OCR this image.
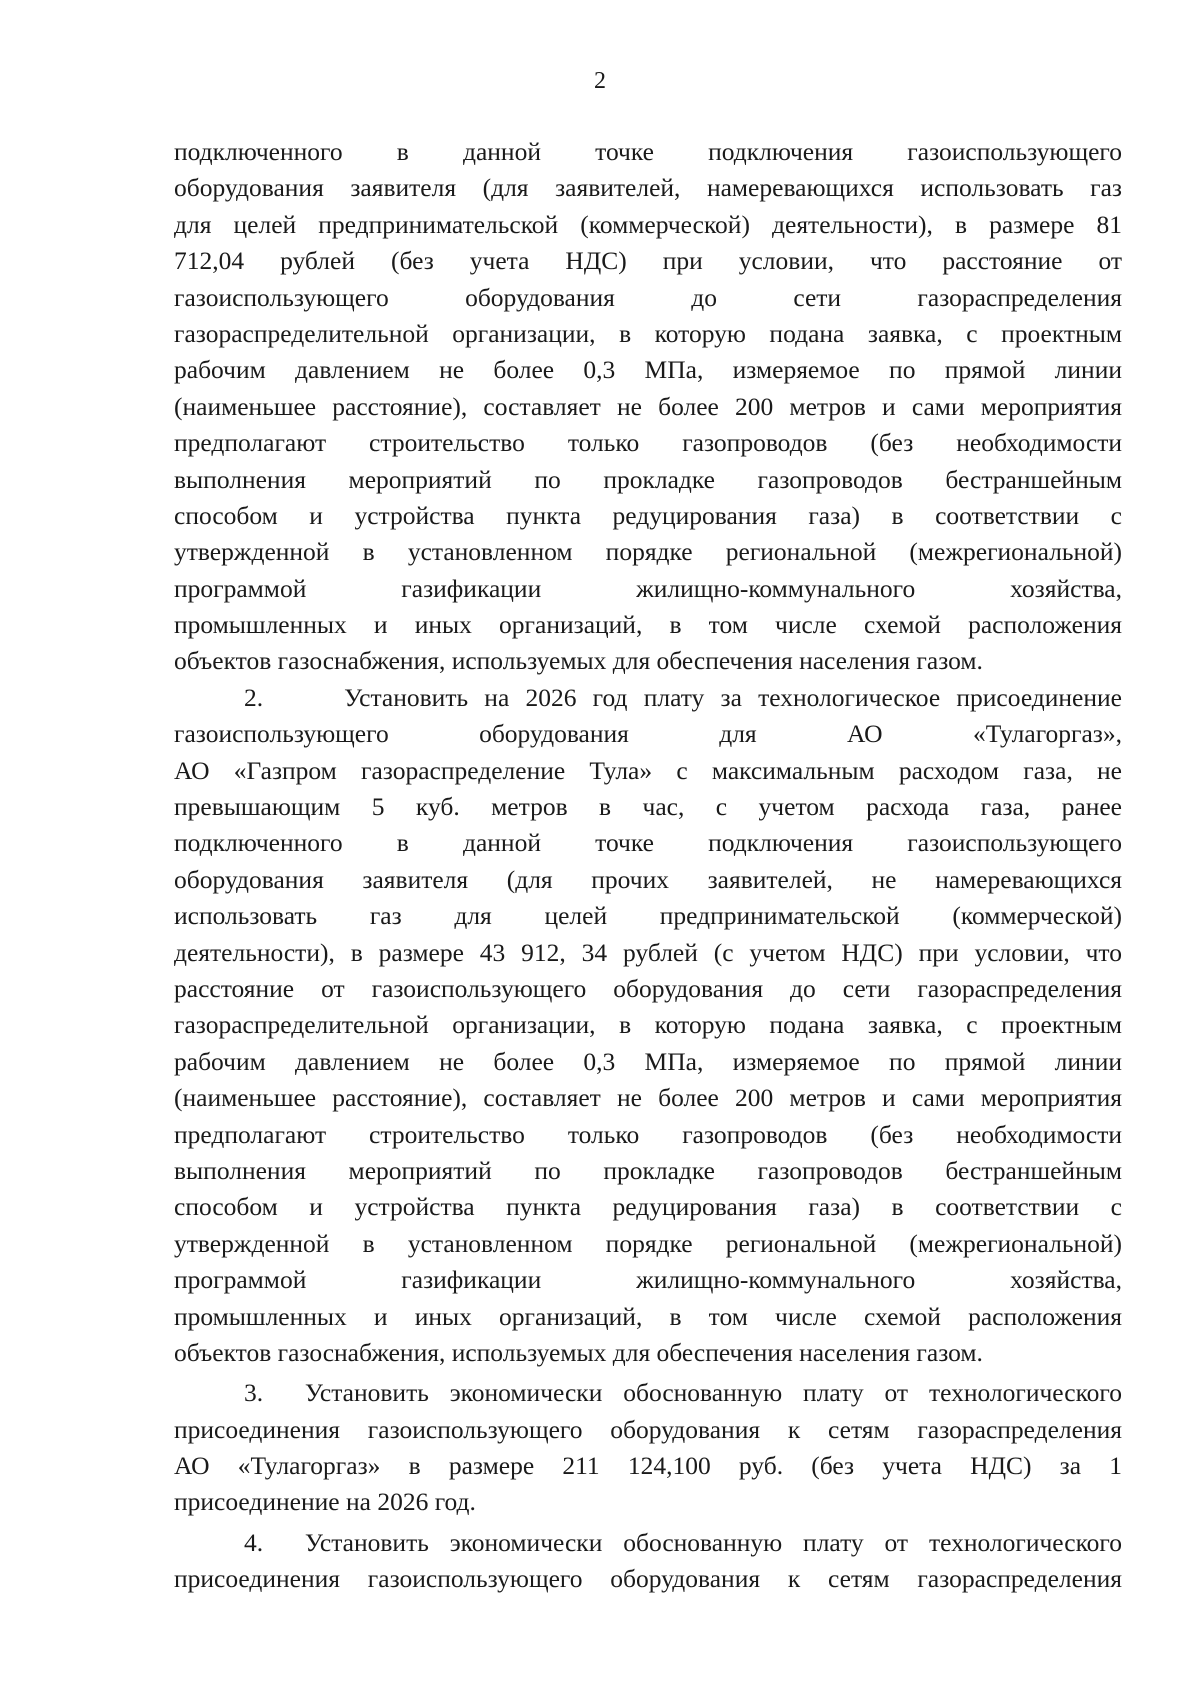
2
подключенного в данной точке подключения газоиспользующего
оборудования заявителя (для заявителей, намеревающихся использовать газ
для целей предпринимательской (коммерческой) деятельности), в размере 81
712,04 рублей (без учета НДС) при условии, что расстояние от
газоиспользующего оборудования до сети газораспределения
газораспределительной организации, в которую подана заявка, с проектным
рабочим давлением не более 0,3 МПа, измеряемое по прямой линии
(наименьшее расстояние), составляет не более 200 метров и сами мероприятия
предполагают строительство только газопроводов (без необходимости
выполнения мероприятий по прокладке газопроводов бестраншейным
способом и устройства пункта редуцирования газа) в соответствии с
утвержденной в установленном порядке региональной (межрегиональной)
программой газификации жилищно-коммунального хозяйства,
промышленных и иных организаций, в том числе схемой расположения
объектов газоснабжения, используемых для обеспечения населения газом.
2.     Установить на 2026 год плату за технологическое присоединение
газоиспользующего оборудования для АО «Тулагоргаз»,
АО «Газпром газораспределение Тула» с максимальным расходом газа, не
превышающим 5 куб. метров в час, с учетом расхода газа, ранее
подключенного в данной точке подключения газоиспользующего
оборудования заявителя (для прочих заявителей, не намеревающихся
использовать газ для целей предпринимательской (коммерческой)
деятельности), в размере 43 912, 34 рублей (с учетом НДС) при условии, что
расстояние от газоиспользующего оборудования до сети газораспределения
газораспределительной организации, в которую подана заявка, с проектным
рабочим давлением не более 0,3 МПа, измеряемое по прямой линии
(наименьшее расстояние), составляет не более 200 метров и сами мероприятия
предполагают строительство только газопроводов (без необходимости
выполнения мероприятий по прокладке газопроводов бестраншейным
способом и устройства пункта редуцирования газа) в соответствии с
утвержденной в установленном порядке региональной (межрегиональной)
программой газификации жилищно-коммунального хозяйства,
промышленных и иных организаций, в том числе схемой расположения
объектов газоснабжения, используемых для обеспечения населения газом.
3.  Установить экономически обоснованную плату от технологического
присоединения газоиспользующего оборудования к сетям газораспределения
АО «Тулагоргаз» в размере 211 124,100 руб. (без учета НДС) за 1
присоединение на 2026 год.
4.  Установить экономически обоснованную плату от технологического
присоединения газоиспользующего оборудования к сетям газораспределения
